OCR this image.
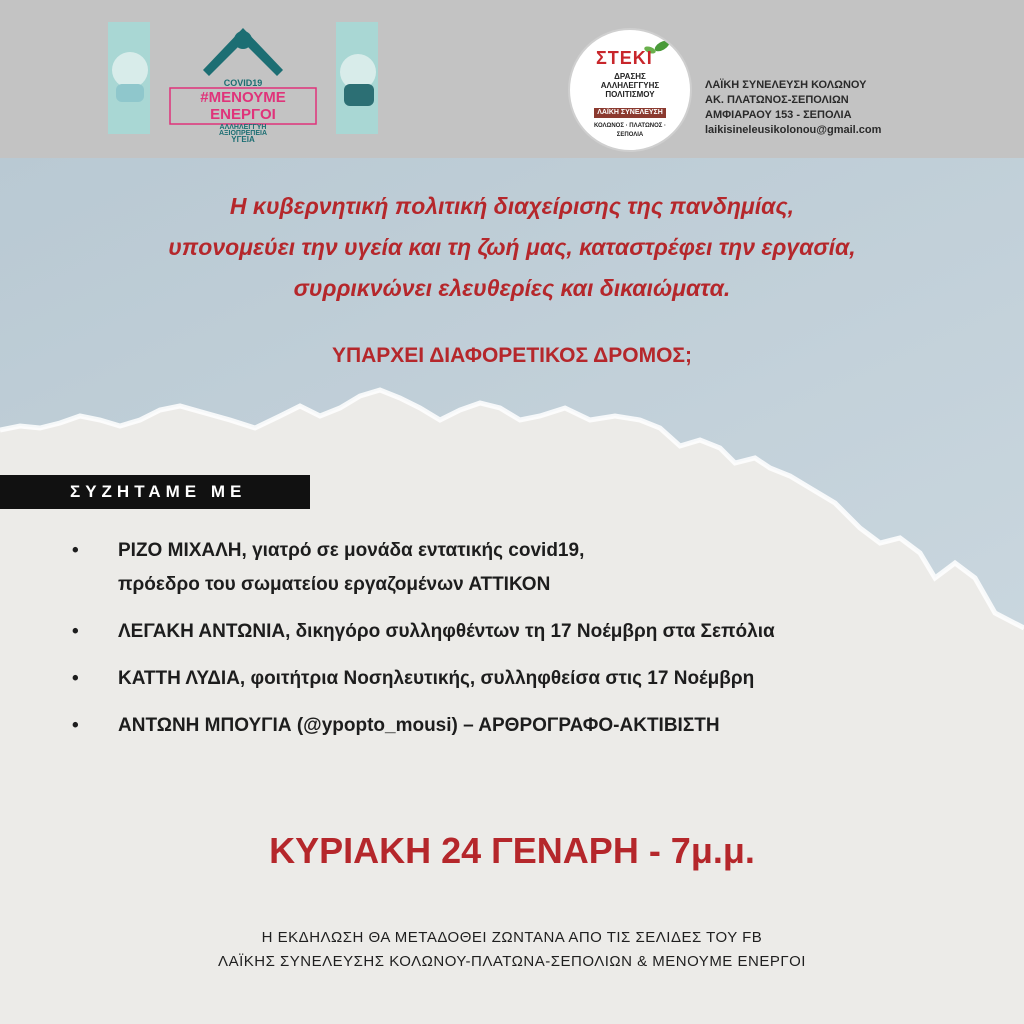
COVID19
#ΜΕΝΟΥΜΕ
ΕΝΕΡΓΟΙ
ΑΛΛΗΛΕΓΓΥΗ
ΑΞΙΟΠΡΕΠΕΙΑ
ΥΓΕΙΑ
ΣΤΕΚΙ
ΔΡΑΣΗΣ
ΑΛΛΗΛΕΓΓΥΗΣ
ΠΟΛΙΤΙΣΜΟΥ
ΛΑΪΚΗ ΣΥΝΕΛΕΥΣΗ
ΚΟΛΩΝΟΣ · ΠΛΑΤΩΝΟΣ · ΣΕΠΟΛΙΑ
ΛΑΪΚΗ ΣΥΝΕΛΕΥΣΗ ΚΟΛΩΝΟΥ
ΑΚ. ΠΛΑΤΩΝΟΣ-ΣΕΠΟΛΙΩΝ
ΑΜΦΙΑΡΑΟΥ 153 - ΣΕΠΟΛΙΑ
laikisineleusikolonou@gmail.com
Η κυβερνητική πολιτική διαχείρισης της πανδημίας,
υπονομεύει την υγεία και τη ζωή μας, καταστρέφει την εργασία,
συρρικνώνει ελευθερίες και δικαιώματα.
ΥΠΑΡΧΕΙ ΔΙΑΦΟΡΕΤΙΚΟΣ ΔΡΟΜΟΣ;
ΣΥΖΗΤΑΜΕ ΜΕ
• ΡΙΖΟ ΜΙΧΑΛΗ, γιατρό σε μονάδα εντατικής covid19,
πρόεδρο του σωματείου εργαζομένων ΑΤΤΙΚΟΝ
• ΛΕΓΑΚΗ ΑΝΤΩΝΙΑ, δικηγόρο συλληφθέντων τη 17 Νοέμβρη στα Σεπόλια
• ΚΑΤΤΗ ΛΥΔΙΑ, φοιτήτρια Νοσηλευτικής, συλληφθείσα στις 17 Νοέμβρη
• ΑΝΤΩΝΗ ΜΠΟΥΓΙΑ (@ypopto_mousi) – ΑΡΘΡΟΓΡΑΦΟ-ΑΚΤΙΒΙΣΤΗ
ΚΥΡΙΑΚΗ 24 ΓΕΝΑΡΗ - 7μ.μ.
Η ΕΚΔΗΛΩΣΗ ΘΑ ΜΕΤΑΔΟΘΕΙ ΖΩΝΤΑΝΑ ΑΠΟ ΤΙΣ ΣΕΛΙΔΕΣ ΤΟΥ FB
ΛΑΪΚΗΣ ΣΥΝΕΛΕΥΣΗΣ ΚΟΛΩΝΟΥ-ΠΛΑΤΩΝΑ-ΣΕΠΟΛΙΩΝ & ΜΕΝΟΥΜΕ ΕΝΕΡΓΟΙ
